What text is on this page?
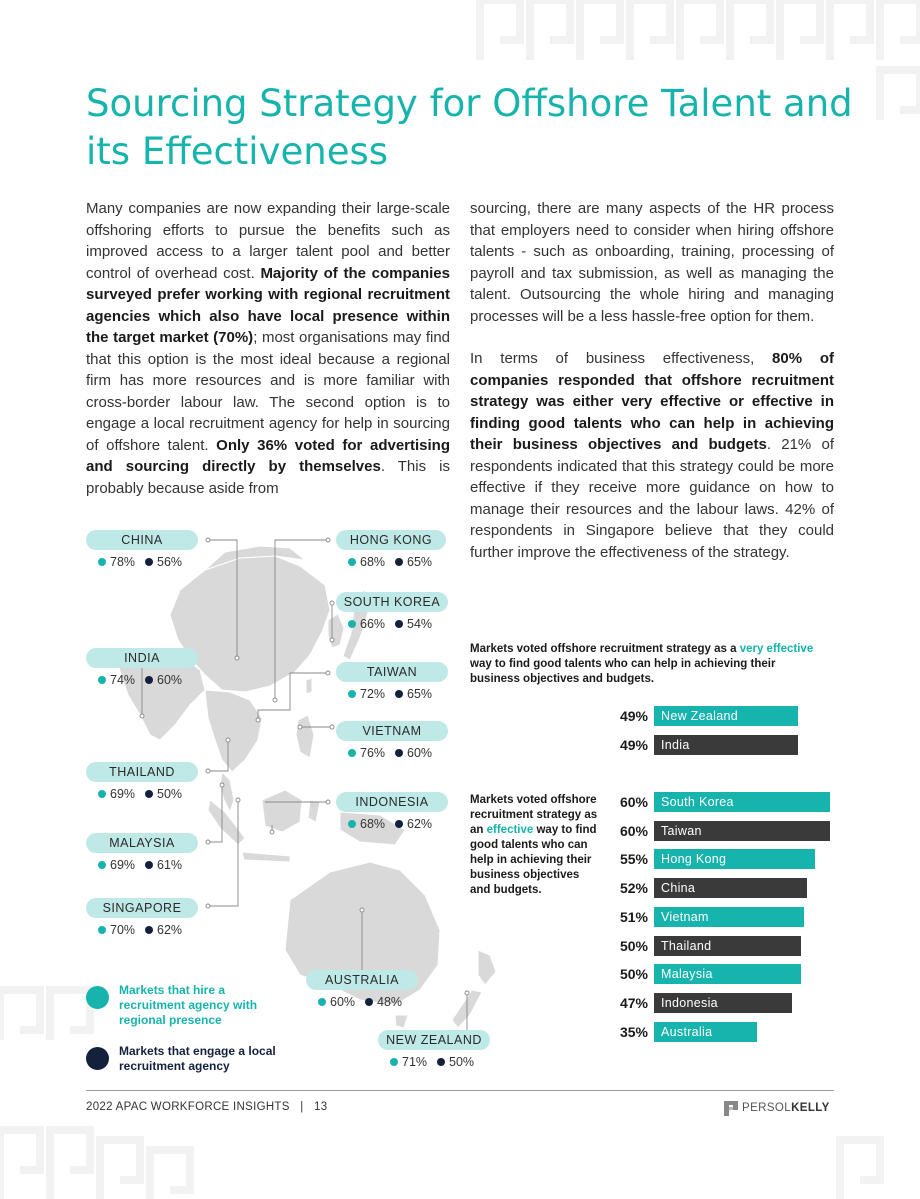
Sourcing Strategy for Offshore Talent and its Effectiveness

Many companies are now expanding their large-scale offshoring efforts to pursue the benefits such as improved access to a larger talent pool and better control of overhead cost. Majority of the companies surveyed prefer working with regional recruitment agencies which also have local presence within the target market (70%); most organisations may find that this option is the most ideal because a regional firm has more resources and is more familiar with cross-border labour law. The second option is to engage a local recruitment agency for help in sourcing of offshore talent. Only 36% voted for advertising and sourcing directly by themselves. This is probably because aside from

sourcing, there are many aspects of the HR process that employers need to consider when hiring offshore talents - such as onboarding, training, processing of payroll and tax submission, as well as managing the talent. Outsourcing the whole hiring and managing processes will be a less hassle-free option for them.

In terms of business effectiveness, 80% of companies responded that offshore recruitment strategy was either very effective or effective in finding good talents who can help in achieving their business objectives and budgets. 21% of respondents indicated that this strategy could be more effective if they receive more guidance on how to manage their resources and the labour laws. 42% of respondents in Singapore believe that they could further improve the effectiveness of the strategy.

CHINA
78% 56%
HONG KONG
68% 65%
SOUTH KOREA
66% 54%
INDIA
74% 60%
TAIWAN
72% 65%
VIETNAM
76% 60%
THAILAND
69% 50%
INDONESIA
68% 62%
MALAYSIA
69% 61%
SINGAPORE
70% 62%
AUSTRALIA
60% 48%
NEW ZEALAND
71% 50%
Markets that hire a recruitment agency with regional presence
Markets that engage a local recruitment agency
Markets voted offshore recruitment strategy as a very effective way to find good talents who can help in achieving their business objectives and budgets.
Markets voted offshore recruitment strategy as an effective way to find good talents who can help in achieving their business objectives and budgets.
49%	New Zealand
49%	India
60%	South Korea
60%	Taiwan
55%	Hong Kong
52%	China
51%	Vietnam
50%	Thailand
50%	Malaysia
47%	Indonesia
35%	Australia
2022 APAC WORKFORCE INSIGHTS | 13	PERSOLKELLY
